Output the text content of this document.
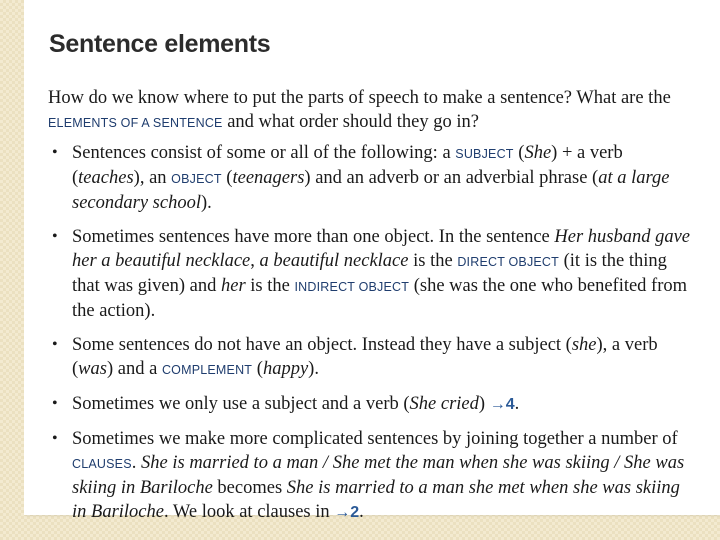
Sentence elements

How do we know where to put the parts of speech to make a sentence? What are the ELEMENTS OF A SENTENCE and what order should they go in?

• Sentences consist of some or all of the following: a SUBJECT (She) + a verb (teaches), an OBJECT (teenagers) and an adverb or an adverbial phrase (at a large secondary school).
• Sometimes sentences have more than one object. In the sentence Her husband gave her a beautiful necklace, a beautiful necklace is the DIRECT OBJECT (it is the thing that was given) and her is the INDIRECT OBJECT (she was the one who benefited from the action).
• Some sentences do not have an object. Instead they have a subject (she), a verb (was) and a COMPLEMENT (happy).
• Sometimes we only use a subject and a verb (She cried) →4.
• Sometimes we make more complicated sentences by joining together a number of CLAUSES. She is married to a man / She met the man when she was skiing / She was skiing in Bariloche becomes She is married to a man she met when she was skiing in Bariloche. We look at clauses in →2.
